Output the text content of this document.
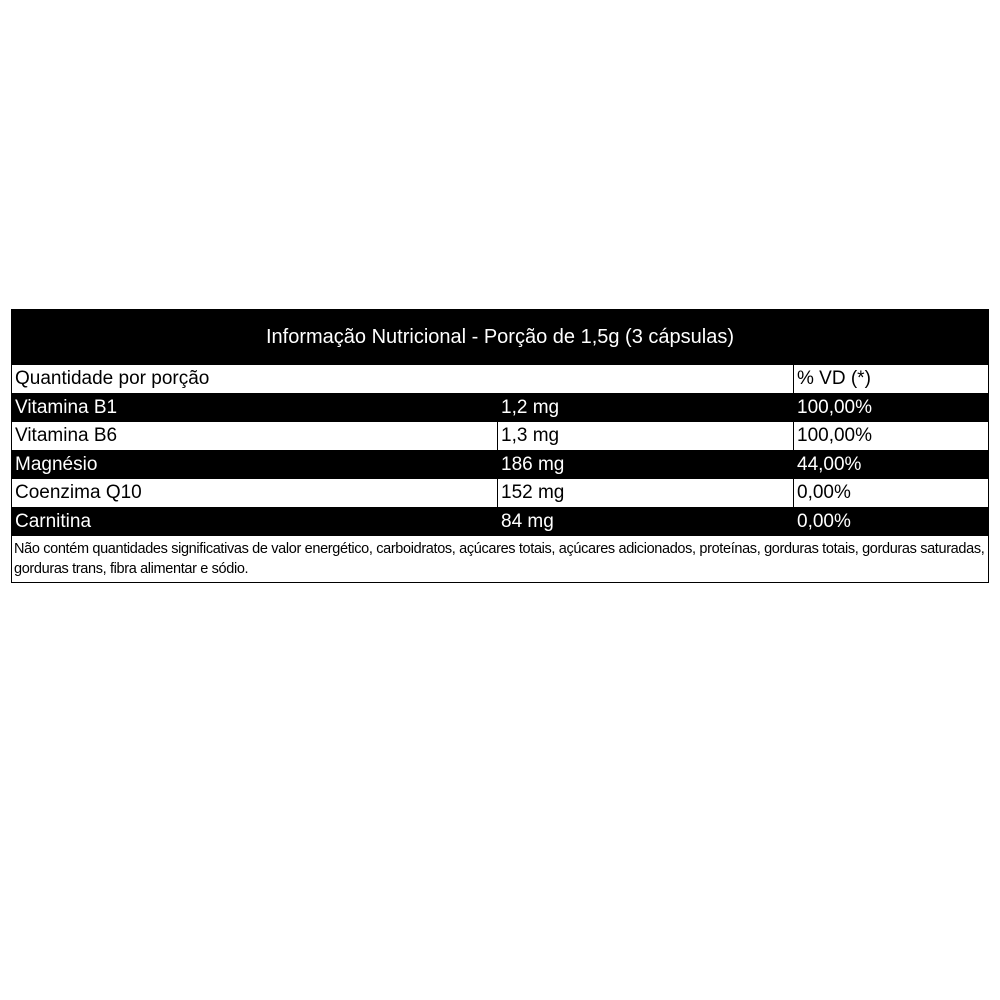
Informação Nutricional - Porção de 1,5g (3 cápsulas)
Quantidade por porção	% VD (*)
Vitamina B1	1,2 mg	100,00%
Vitamina B6	1,3 mg	100,00%
Magnésio	186 mg	44,00%
Coenzima Q10	152 mg	0,00%
Carnitina	84 mg	0,00%
Não contém quantidades significativas de valor energético, carboidratos, açúcares totais, açúcares adicionados, proteínas, gorduras totais, gorduras saturadas, gorduras trans, fibra alimentar e sódio.
